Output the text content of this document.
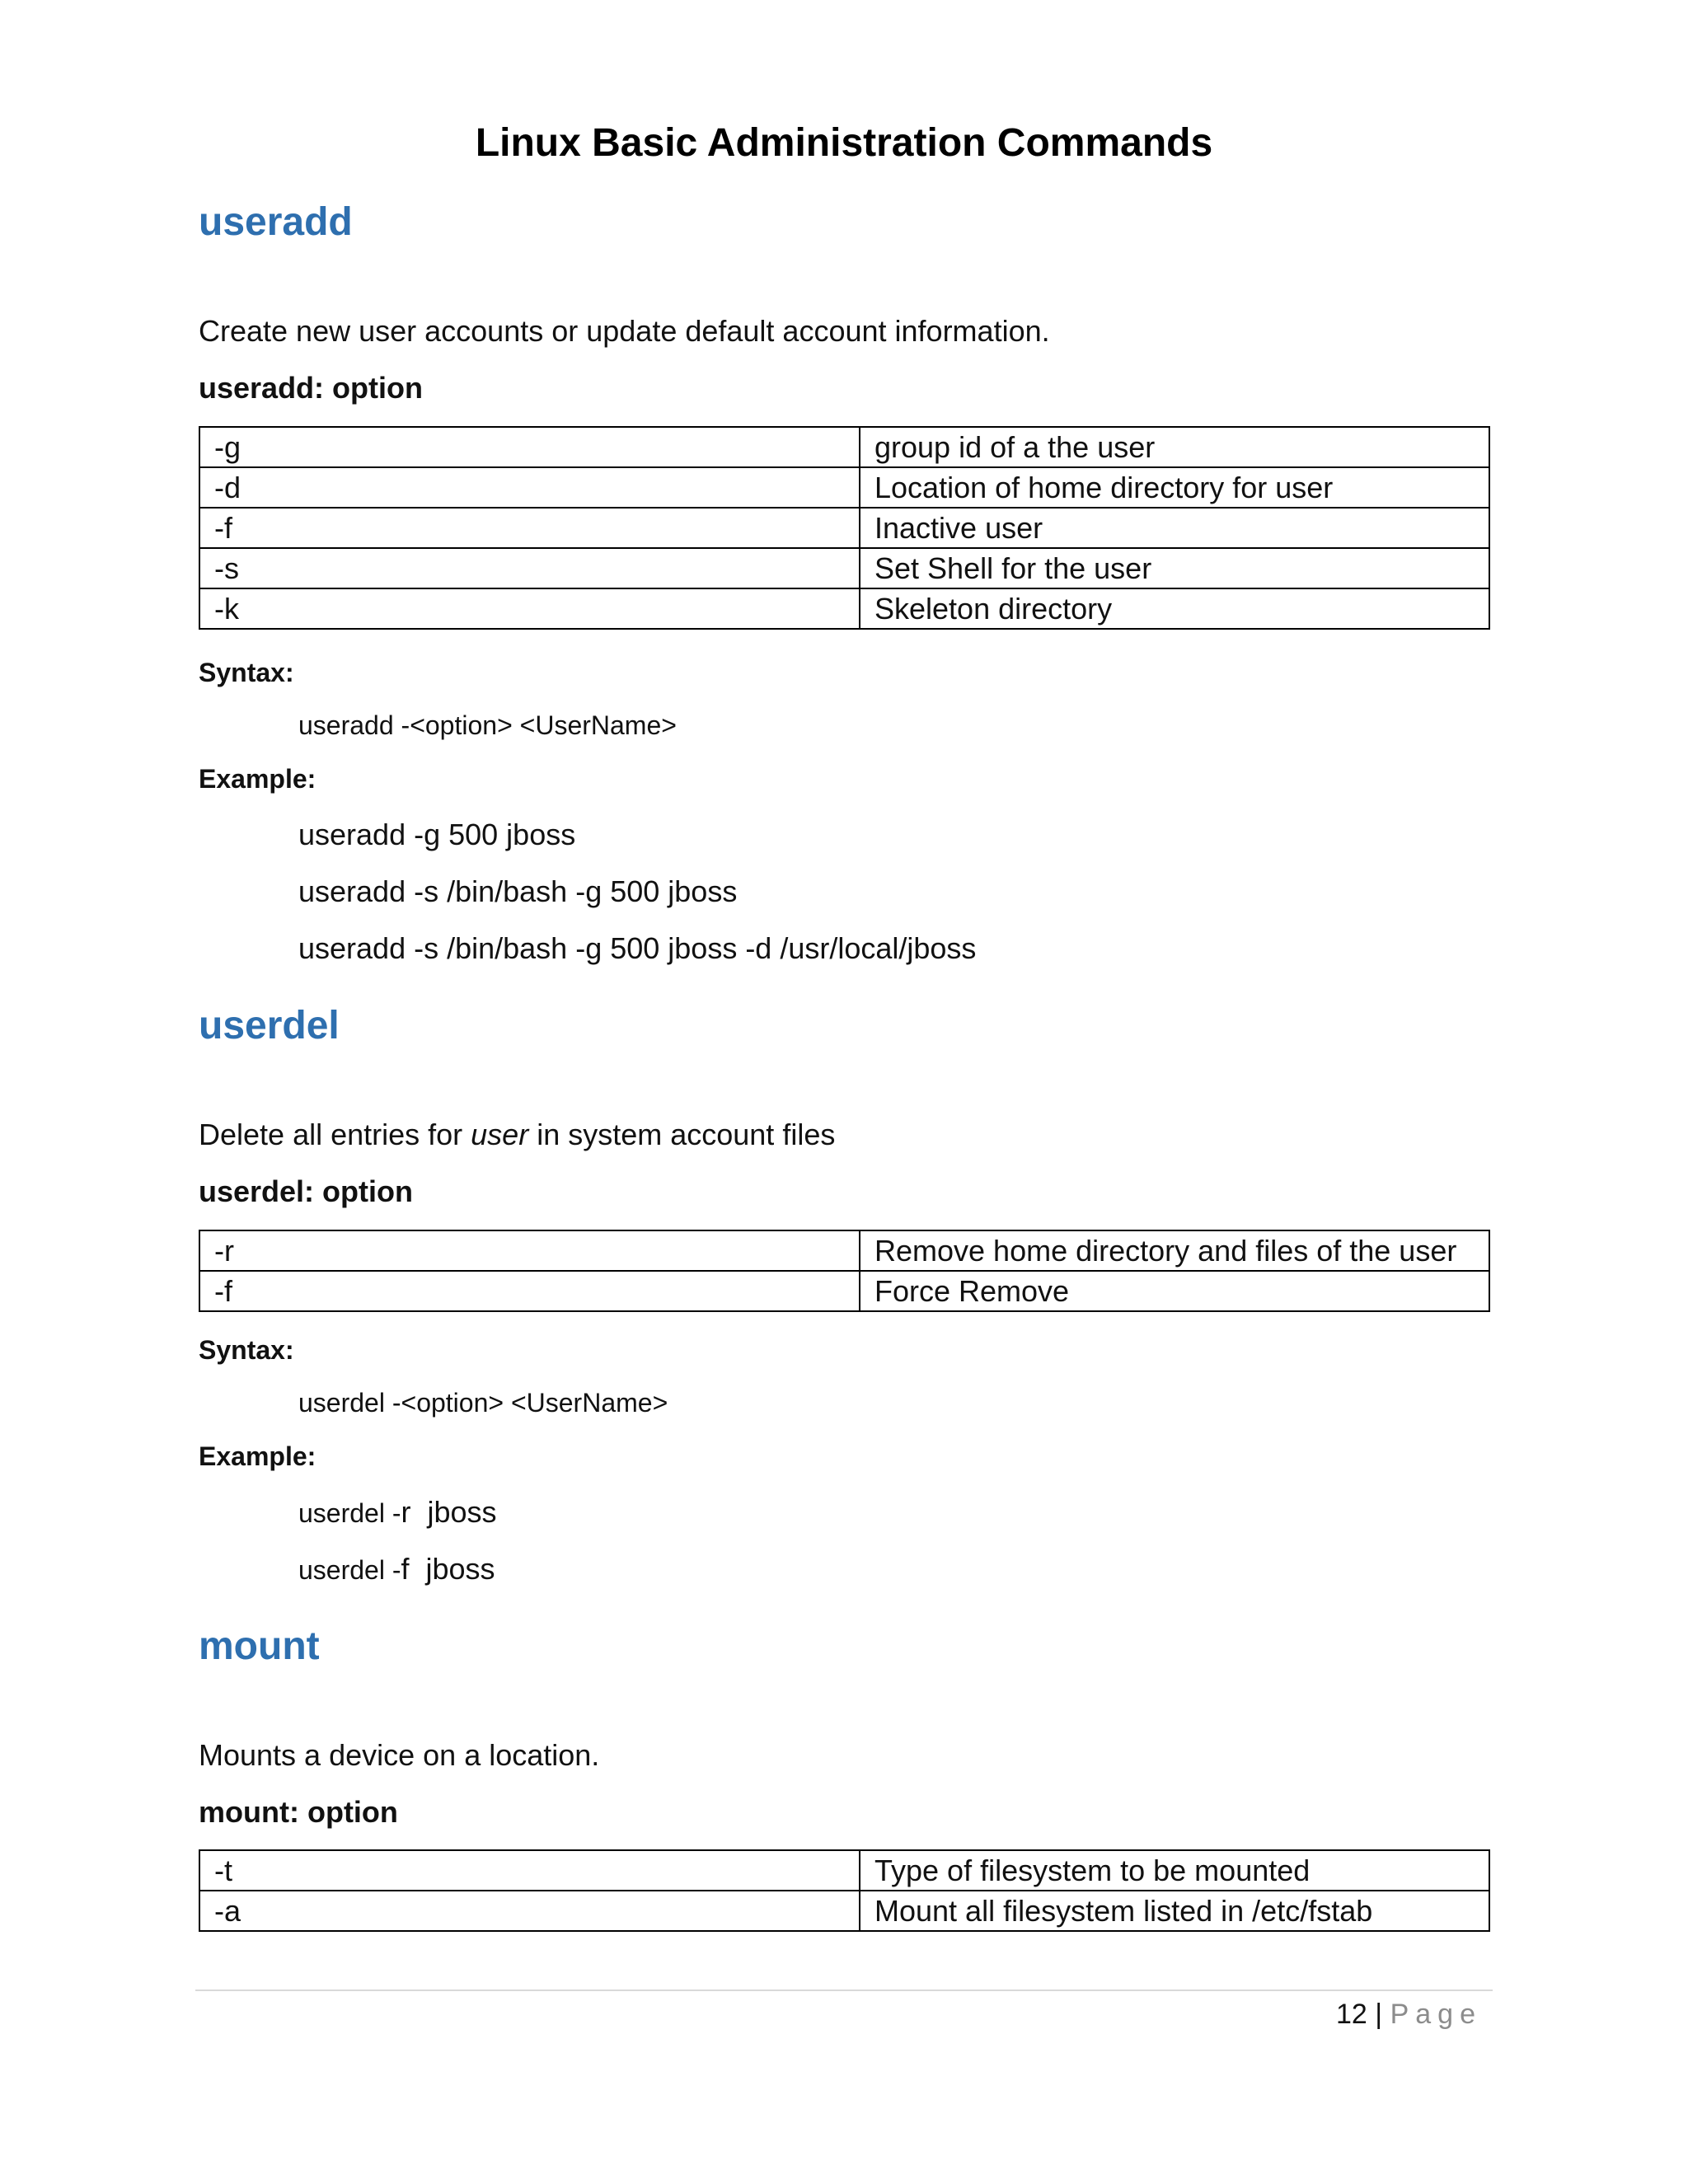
Linux Basic Administration Commands
useradd
Create new user accounts or update default account information.
useradd: option
-g	group id of a the user
-d	Location of home directory for user
-f	Inactive user
-s	Set Shell for the user
-k	Skeleton directory
Syntax:
useradd -<option> <UserName>
Example:
useradd -g 500 jboss
useradd -s /bin/bash -g 500 jboss
useradd -s /bin/bash -g 500 jboss -d /usr/local/jboss
userdel
Delete all entries for user in system account files
userdel: option
-r	Remove home directory and files of the user
-f	Force Remove
Syntax:
userdel -<option> <UserName>
Example:
userdel -r  jboss
userdel -f  jboss
mount
Mounts a device on a location.
mount: option
-t	Type of filesystem to be mounted
-a	Mount all filesystem listed in /etc/fstab
12 | Page
